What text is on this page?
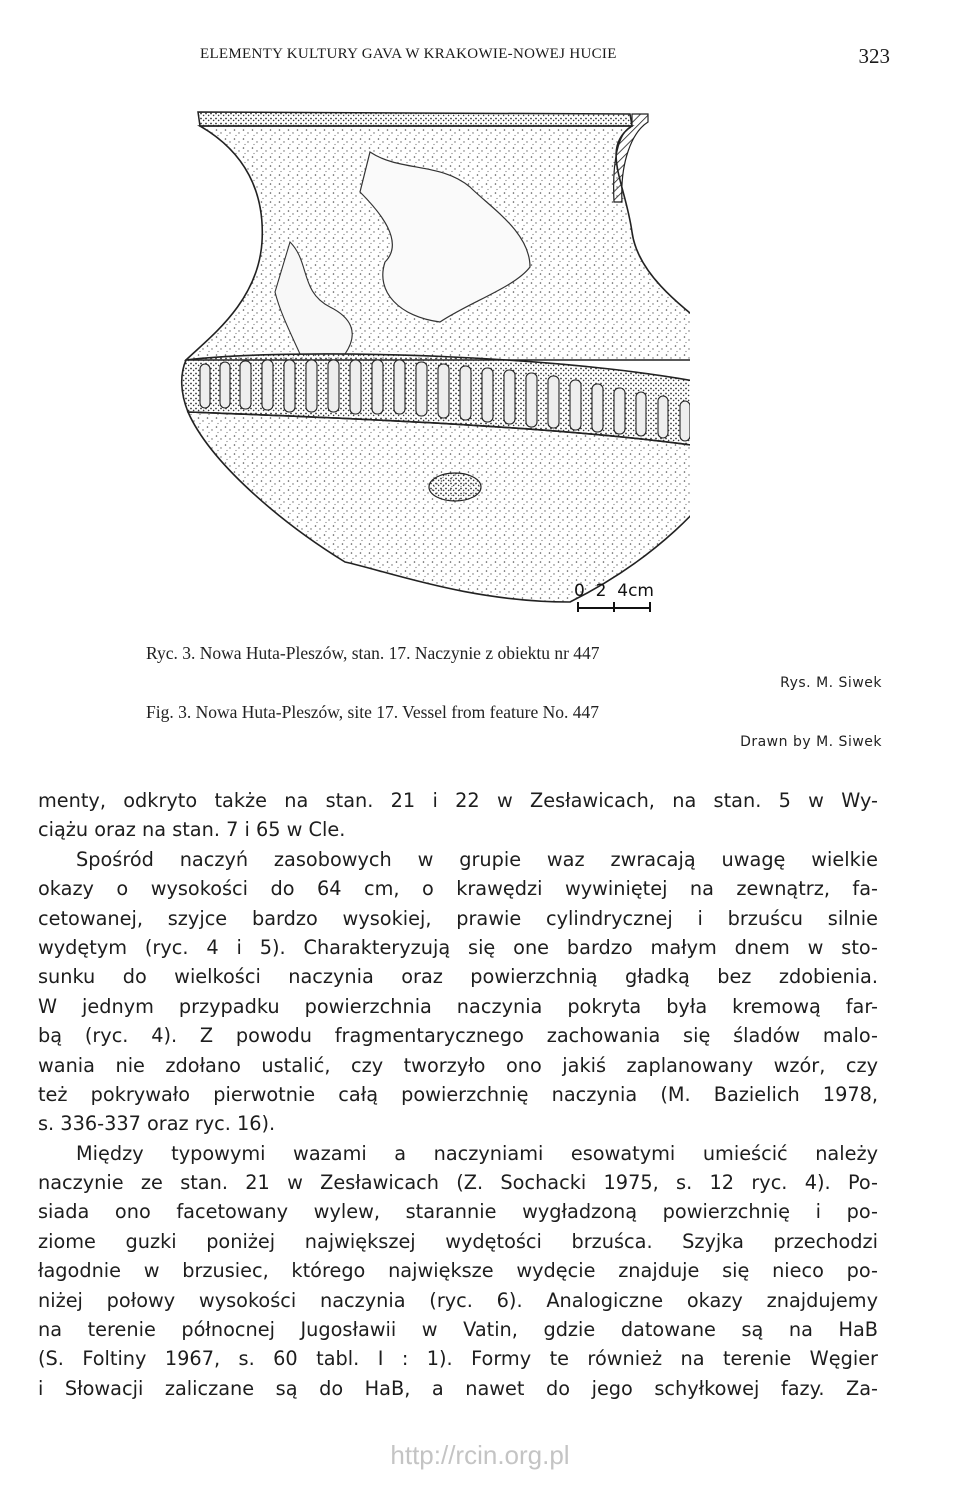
ELEMENTY KULTURY GAVA W KRAKOWIE-NOWEJ HUCIE	323
0  2  4cm
Ryc. 3. Nowa Huta-Pleszów, stan. 17. Naczynie z obiektu nr 447
Rys. M. Siwek
Fig. 3. Nowa Huta-Pleszów, site 17. Vessel from feature No. 447
Drawn by M. Siwek

menty, odkryto także na stan. 21 i 22 w Zesławicach, na stan. 5 w Wy-
ciążu oraz na stan. 7 i 65 w Cle.

Spośród naczyń zasobowych w grupie waz zwracają uwagę wielkie
okazy o wysokości do 64 cm, o krawędzi wywiniętej na zewnątrz, fa-
cetowanej, szyjce bardzo wysokiej, prawie cylindrycznej i brzuścu silnie
wydętym (ryc. 4 i 5). Charakteryzują się one bardzo małym dnem w sto-
sunku do wielkości naczynia oraz powierzchnią gładką bez zdobienia.
W jednym przypadku powierzchnia naczynia pokryta była kremową far-
bą (ryc. 4). Z powodu fragmentarycznego zachowania się śladów malo-
wania nie zdołano ustalić, czy tworzyło ono jakiś zaplanowany wzór, czy
też pokrywało pierwotnie całą powierzchnię naczynia (M. Bazielich 1978,
s. 336-337 oraz ryc. 16).

Między typowymi wazami a naczyniami esowatymi umieścić należy
naczynie ze stan. 21 w Zesławicach (Z. Sochacki 1975, s. 12 ryc. 4). Po-
siada ono facetowany wylew, starannie wygładzoną powierzchnię i po-
ziome guzki poniżej największej wydętości brzuśca. Szyjka przechodzi
łagodnie w brzusiec, którego największe wydęcie znajduje się nieco po-
niżej połowy wysokości naczynia (ryc. 6). Analogiczne okazy znajdujemy
na terenie północnej Jugosławii w Vatin, gdzie datowane są na HaB
(S. Foltiny 1967, s. 60 tabl. I : 1). Formy te również na terenie Węgier
i Słowacji zaliczane są do HaB, a nawet do jego schyłkowej fazy. Za-

http://rcin.org.pl
